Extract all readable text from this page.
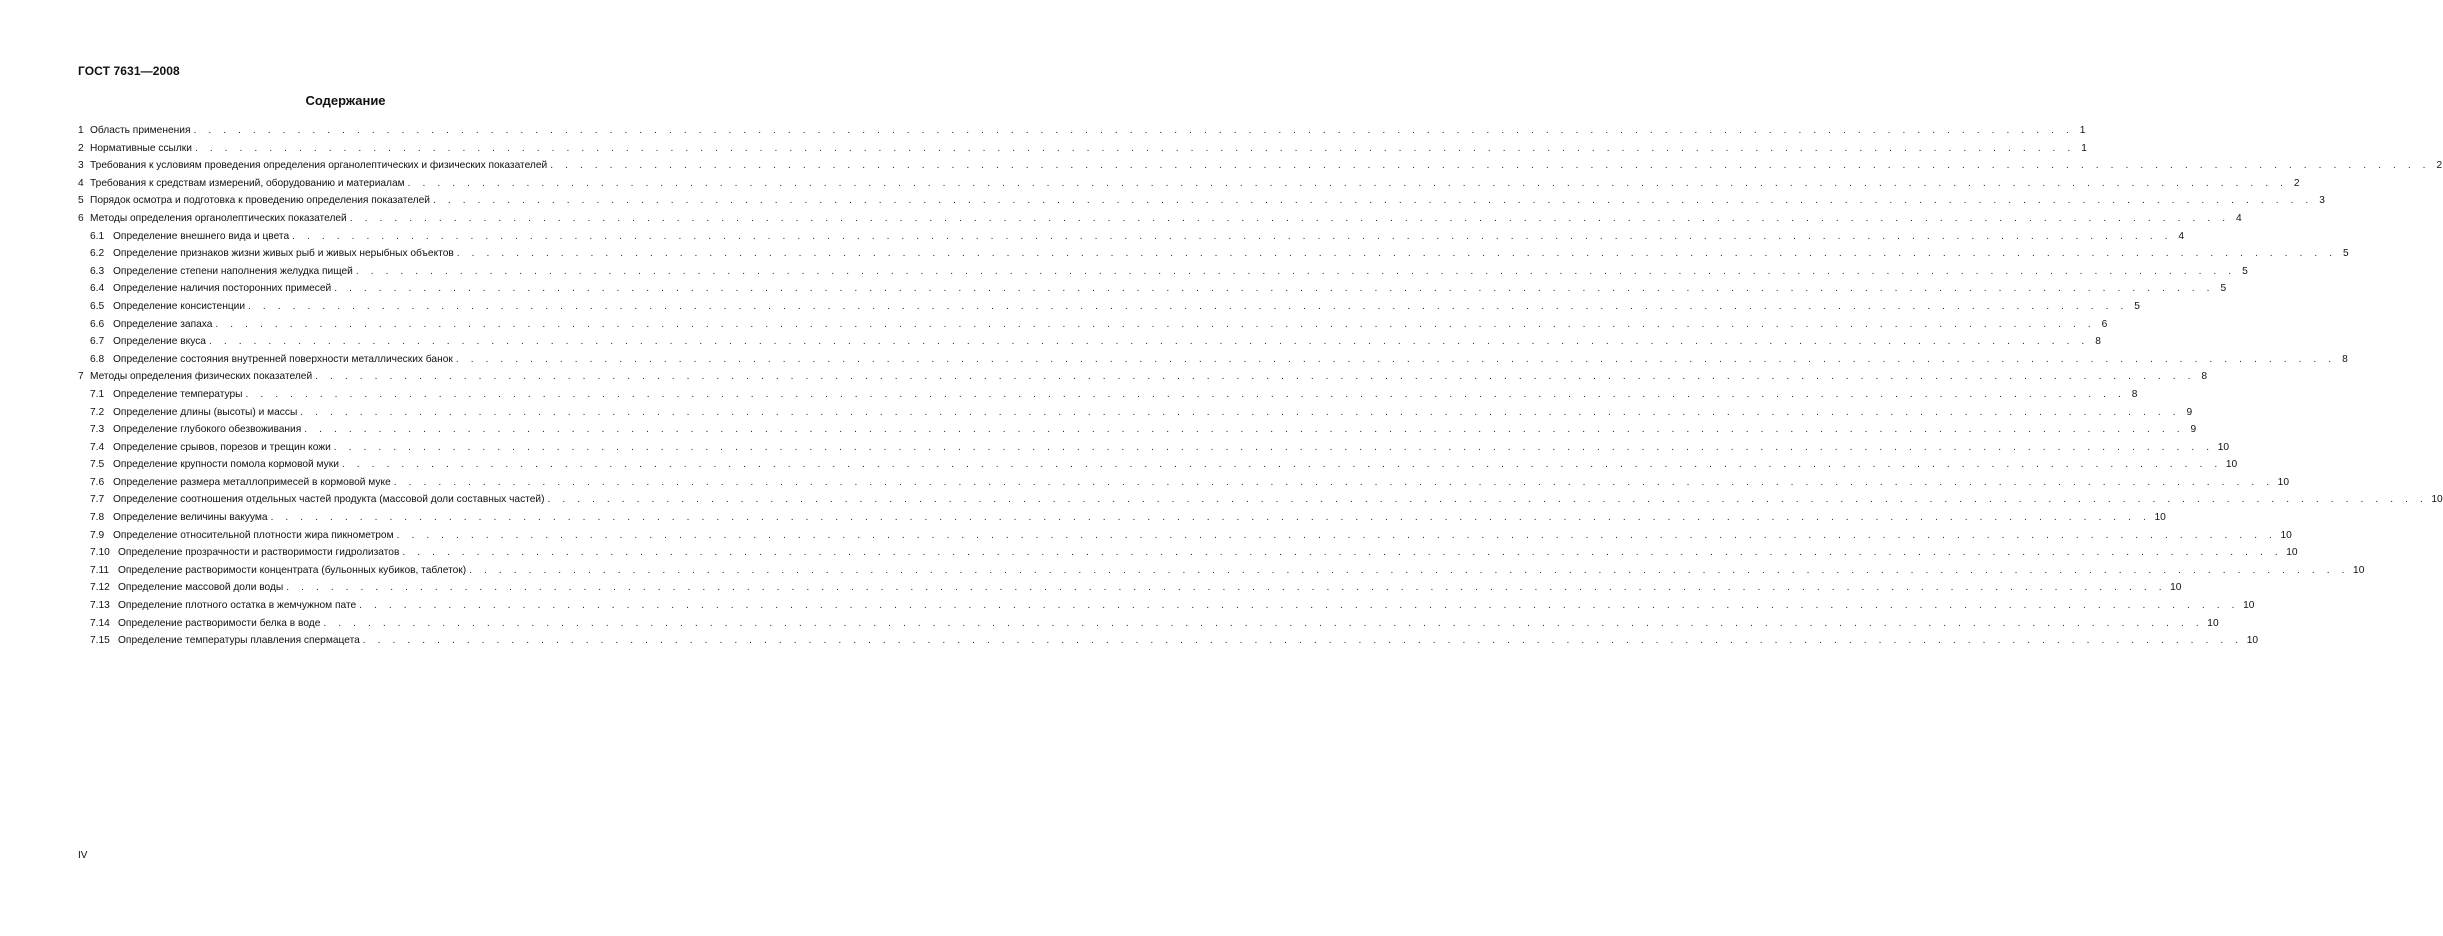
ГОСТ 7631—2008
Содержание
1 Область применения . . .	1
2 Нормативные ссылки . . .	1
3 Требования к условиям проведения определения органолептических и физических показателей . . .	2
4 Требования к средствам измерений, оборудованию и материалам . . .	2
5 Порядок осмотра и подготовка к проведению определения показателей . . .	3
6 Методы определения органолептических показателей . . .	4
6.1 Определение внешнего вида и цвета . . .	4
6.2 Определение признаков жизни живых рыб и живых нерыбных объектов . . .	5
6.3 Определение степени наполнения желудка пищей . . .	5
6.4 Определение наличия посторонних примесей . . .	5
6.5 Определение консистенции . . .	5
6.6 Определение запаха . . .	6
6.7 Определение вкуса . . .	8
6.8 Определение состояния внутренней поверхности металлических банок . . .	8
7 Методы определения физических показателей . . .	8
7.1 Определение температуры . . .	8
7.2 Определение длины (высоты) и массы . . .	9
7.3 Определение глубокого обезвоживания . . .	9
7.4 Определение срывов, порезов и трещин кожи . . .	10
7.5 Определение крупности помола кормовой муки . . .	10
7.6 Определение размера металлопримесей в кормовой муке . . .	10
7.7 Определение соотношения отдельных частей продукта (массовой доли составных частей) . . .	10
7.8 Определение величины вакуума . . .	10
7.9 Определение относительной плотности жира пикнометром . . .	10
7.10 Определение прозрачности и растворимости гидролизатов . . .	10
7.11 Определение растворимости концентрата (бульонных кубиков, таблеток) . . .	10
7.12 Определение массовой доли воды . . .	10
7.13 Определение плотного остатка в жемчужном пате . . .	10
7.14 Определение растворимости белка в воде . . .	10
7.15 Определение температуры плавления спермацета . . .	10
IV
